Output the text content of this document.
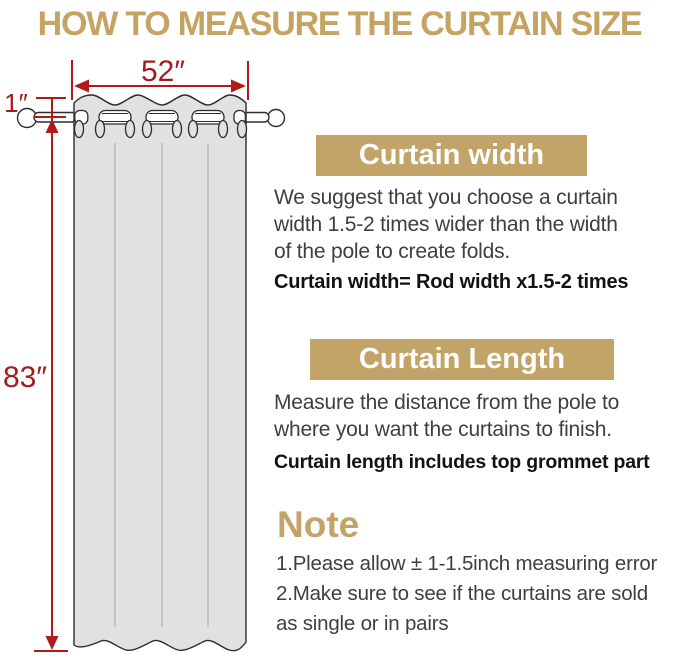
HOW TO MEASURE THE CURTAIN SIZE
52″
1″
83″
Curtain width
We suggest that you choose a curtain
width 1.5-2 times wider than the width
of the pole to create folds.
Curtain width= Rod width x1.5-2 times
Curtain Length
Measure the distance from the pole to
where you want the curtains to finish.
Curtain length includes top grommet part
Note
1.Please allow ± 1-1.5inch measuring error
2.Make sure to see if the curtains are sold
as single or in pairs
